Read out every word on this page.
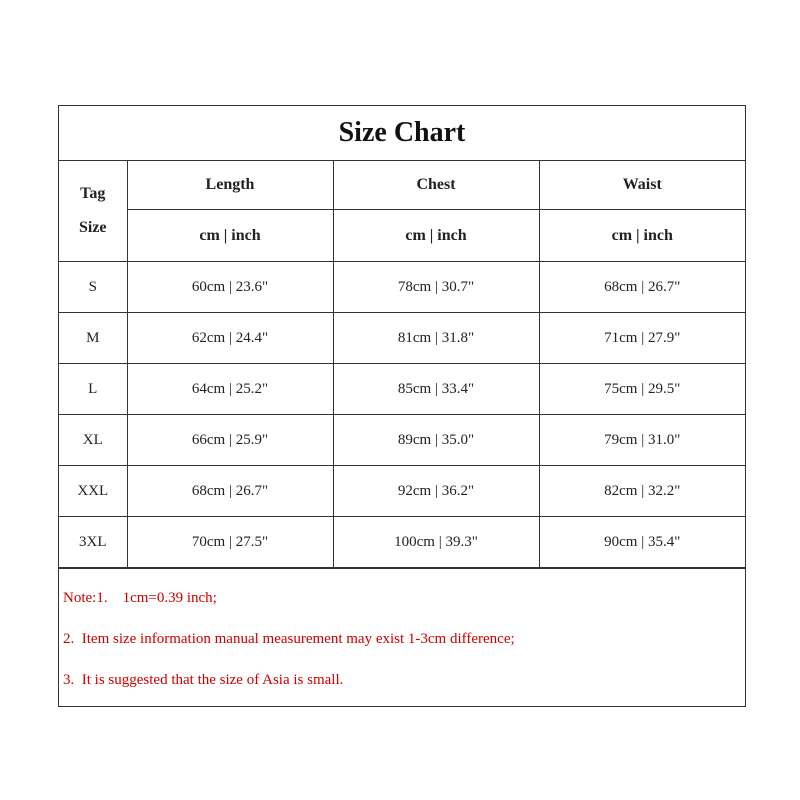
Size Chart
Tag
Size	Length	Chest	Waist
	cm | inch	cm | inch	cm | inch
S	60cm | 23.6"	78cm | 30.7"	68cm | 26.7"
M	62cm | 24.4"	81cm | 31.8"	71cm | 27.9"
L	64cm | 25.2"	85cm | 33.4"	75cm | 29.5"
XL	66cm | 25.9"	89cm | 35.0"	79cm | 31.0"
XXL	68cm | 26.7"	92cm | 36.2"	82cm | 32.2"
3XL	70cm | 27.5"	100cm | 39.3"	90cm | 35.4"
Note:1.    1cm=0.39 inch;
2.  Item size information manual measurement may exist 1-3cm difference;
3.  It is suggested that the size of Asia is small.
